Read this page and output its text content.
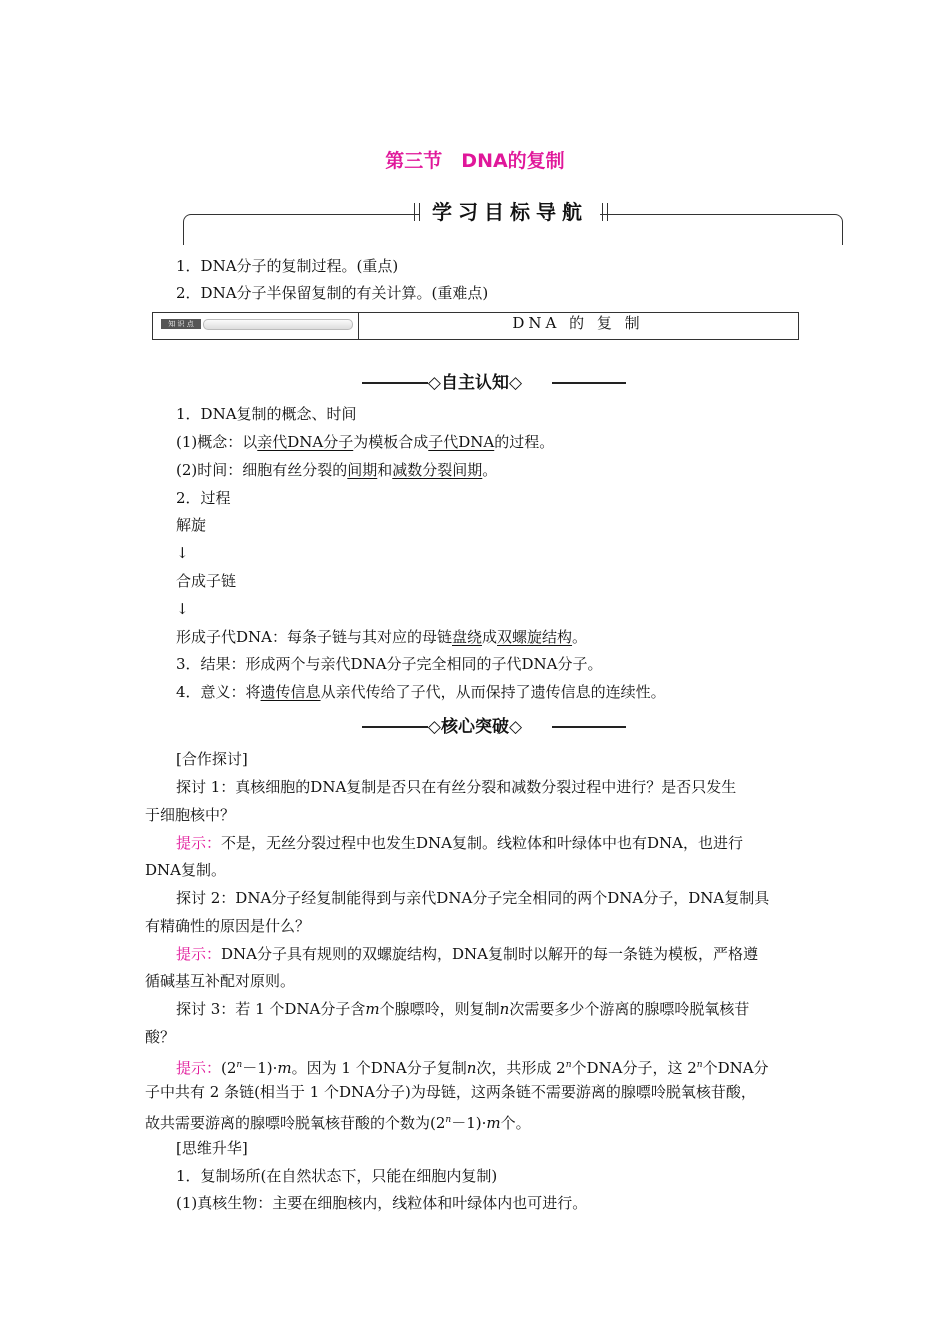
第三节　DNA的复制
学习目标导航
1．DNA分子的复制过程。(重点)
2．DNA分子半保留复制的有关计算。(重难点)
知 识 点	DNA 的 复 制
◇自主认知◇
1．DNA复制的概念、时间
(1)概念：以亲代DNA分子为模板合成子代DNA的过程。
(2)时间：细胞有丝分裂的间期和减数分裂间期。
2．过程
解旋
↓
合成子链
↓
形成子代DNA：每条子链与其对应的母链盘绕成双螺旋结构。
3．结果：形成两个与亲代DNA分子完全相同的子代DNA分子。
4．意义：将遗传信息从亲代传给了子代，从而保持了遗传信息的连续性。
◇核心突破◇
[合作探讨]
探讨 1：真核细胞的DNA复制是否只在有丝分裂和减数分裂过程中进行？是否只发生
于细胞核中？
提示：不是，无丝分裂过程中也发生DNA复制。线粒体和叶绿体中也有DNA，也进行
DNA复制。
探讨 2：DNA分子经复制能得到与亲代DNA分子完全相同的两个DNA分子，DNA复制具
有精确性的原因是什么？
提示：DNA分子具有规则的双螺旋结构，DNA复制时以解开的每一条链为模板，严格遵
循碱基互补配对原则。
探讨 3：若 1 个DNA分子含m个腺嘌呤，则复制n次需要多少个游离的腺嘌呤脱氧核苷
酸？
提示：$(2^n-1)\cdot m$。因为 1 个DNA分子复制n次，共形成 2$^n$个DNA分子，这 2$^n$个DNA分
子中共有 2 条链(相当于 1 个DNA分子)为母链，这两条链不需要游离的腺嘌呤脱氧核苷酸，
故共需要游离的腺嘌呤脱氧核苷酸的个数为$(2^n-1)\cdot m$个。
[思维升华]
1．复制场所(在自然状态下，只能在细胞内复制)
(1)真核生物：主要在细胞核内，线粒体和叶绿体内也可进行。
